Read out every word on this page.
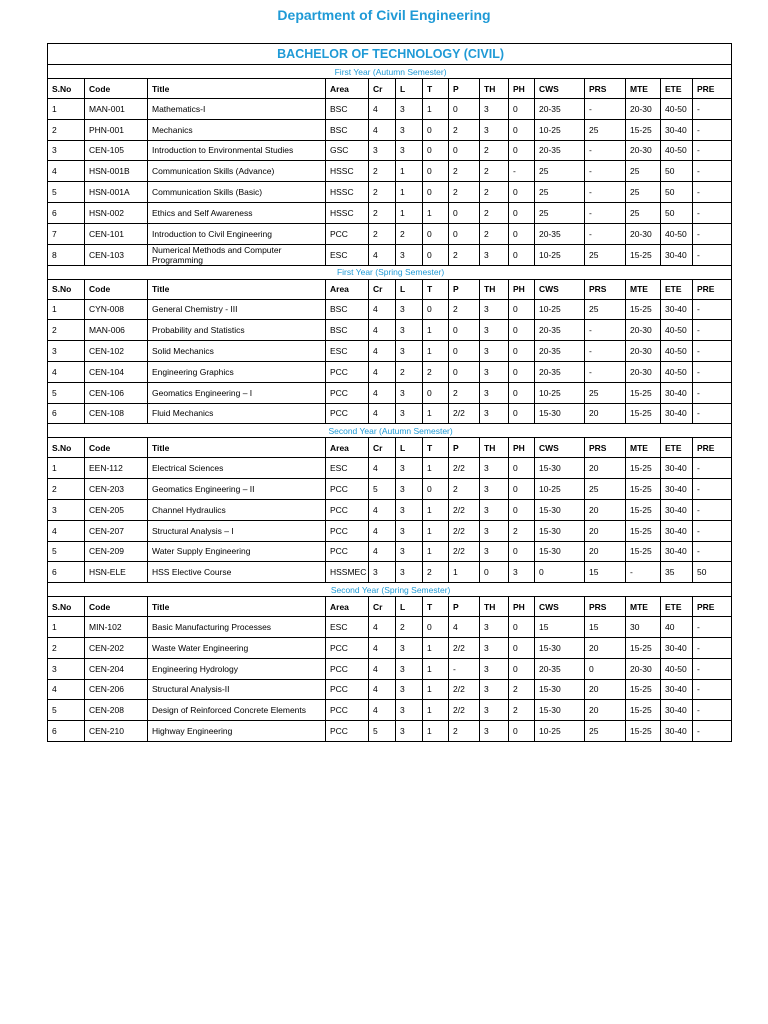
Department of Civil Engineering
BACHELOR OF TECHNOLOGY (CIVIL)														
First Year (Autumn Semester)														
S.No	Code	Title	Area	Cr	L	T	P	TH	PH	CWS	PRS	MTE	ETE	PRE
1	MAN-001	Mathematics-I	BSC	4	3	1	0	3	0	20-35	-	20-30	40-50	-
2	PHN-001	Mechanics	BSC	4	3	0	2	3	0	10-25	25	15-25	30-40	-
3	CEN-105	Introduction to Environmental Studies	GSC	3	3	0	0	2	0	20-35	-	20-30	40-50	-
4	HSN-001B	Communication Skills (Advance)	HSSC	2	1	0	2	2	-	25	-	25	50	-
5	HSN-001A	Communication Skills (Basic)	HSSC	2	1	0	2	2	0	25	-	25	50	-
6	HSN-002	Ethics and Self Awareness	HSSC	2	1	1	0	2	0	25	-	25	50	-
7	CEN-101	Introduction to Civil Engineering	PCC	2	2	0	0	2	0	20-35	-	20-30	40-50	-
8	CEN-103	Numerical Methods and Computer Programming	ESC	4	3	0	2	3	0	10-25	25	15-25	30-40	-
First Year (Spring Semester)														
S.No	Code	Title	Area	Cr	L	T	P	TH	PH	CWS	PRS	MTE	ETE	PRE
1	CYN-008	General Chemistry - III	BSC	4	3	0	2	3	0	10-25	25	15-25	30-40	-
2	MAN-006	Probability and Statistics	BSC	4	3	1	0	3	0	20-35	-	20-30	40-50	-
3	CEN-102	Solid Mechanics	ESC	4	3	1	0	3	0	20-35	-	20-30	40-50	-
4	CEN-104	Engineering Graphics	PCC	4	2	2	0	3	0	20-35	-	20-30	40-50	-
5	CEN-106	Geomatics Engineering – I	PCC	4	3	0	2	3	0	10-25	25	15-25	30-40	-
6	CEN-108	Fluid Mechanics	PCC	4	3	1	2/2	3	0	15-30	20	15-25	30-40	-
Second Year (Autumn Semester)														
S.No	Code	Title	Area	Cr	L	T	P	TH	PH	CWS	PRS	MTE	ETE	PRE
1	EEN-112	Electrical Sciences	ESC	4	3	1	2/2	3	0	15-30	20	15-25	30-40	-
2	CEN-203	Geomatics Engineering – II	PCC	5	3	0	2	3	0	10-25	25	15-25	30-40	-
3	CEN-205	Channel Hydraulics	PCC	4	3	1	2/2	3	0	15-30	20	15-25	30-40	-
4	CEN-207	Structural Analysis – I	PCC	4	3	1	2/2	3	2	15-30	20	15-25	30-40	-
5	CEN-209	Water Supply Engineering	PCC	4	3	1	2/2	3	0	15-30	20	15-25	30-40	-
6	HSN-ELE	HSS Elective Course	HSSMEC	3	3	2	1	0	3	0	15	-	35	50
Second Year (Spring Semester)														
S.No	Code	Title	Area	Cr	L	T	P	TH	PH	CWS	PRS	MTE	ETE	PRE
1	MIN-102	Basic Manufacturing Processes	ESC	4	2	0	4	3	0	15	15	30	40	-
2	CEN-202	Waste Water Engineering	PCC	4	3	1	2/2	3	0	15-30	20	15-25	30-40	-
3	CEN-204	Engineering Hydrology	PCC	4	3	1	-	3	0	20-35	0	20-30	40-50	-
4	CEN-206	Structural Analysis-II	PCC	4	3	1	2/2	3	2	15-30	20	15-25	30-40	-
5	CEN-208	Design of Reinforced Concrete Elements	PCC	4	3	1	2/2	3	2	15-30	20	15-25	30-40	-
6	CEN-210	Highway Engineering	PCC	5	3	1	2	3	0	10-25	25	15-25	30-40	-
